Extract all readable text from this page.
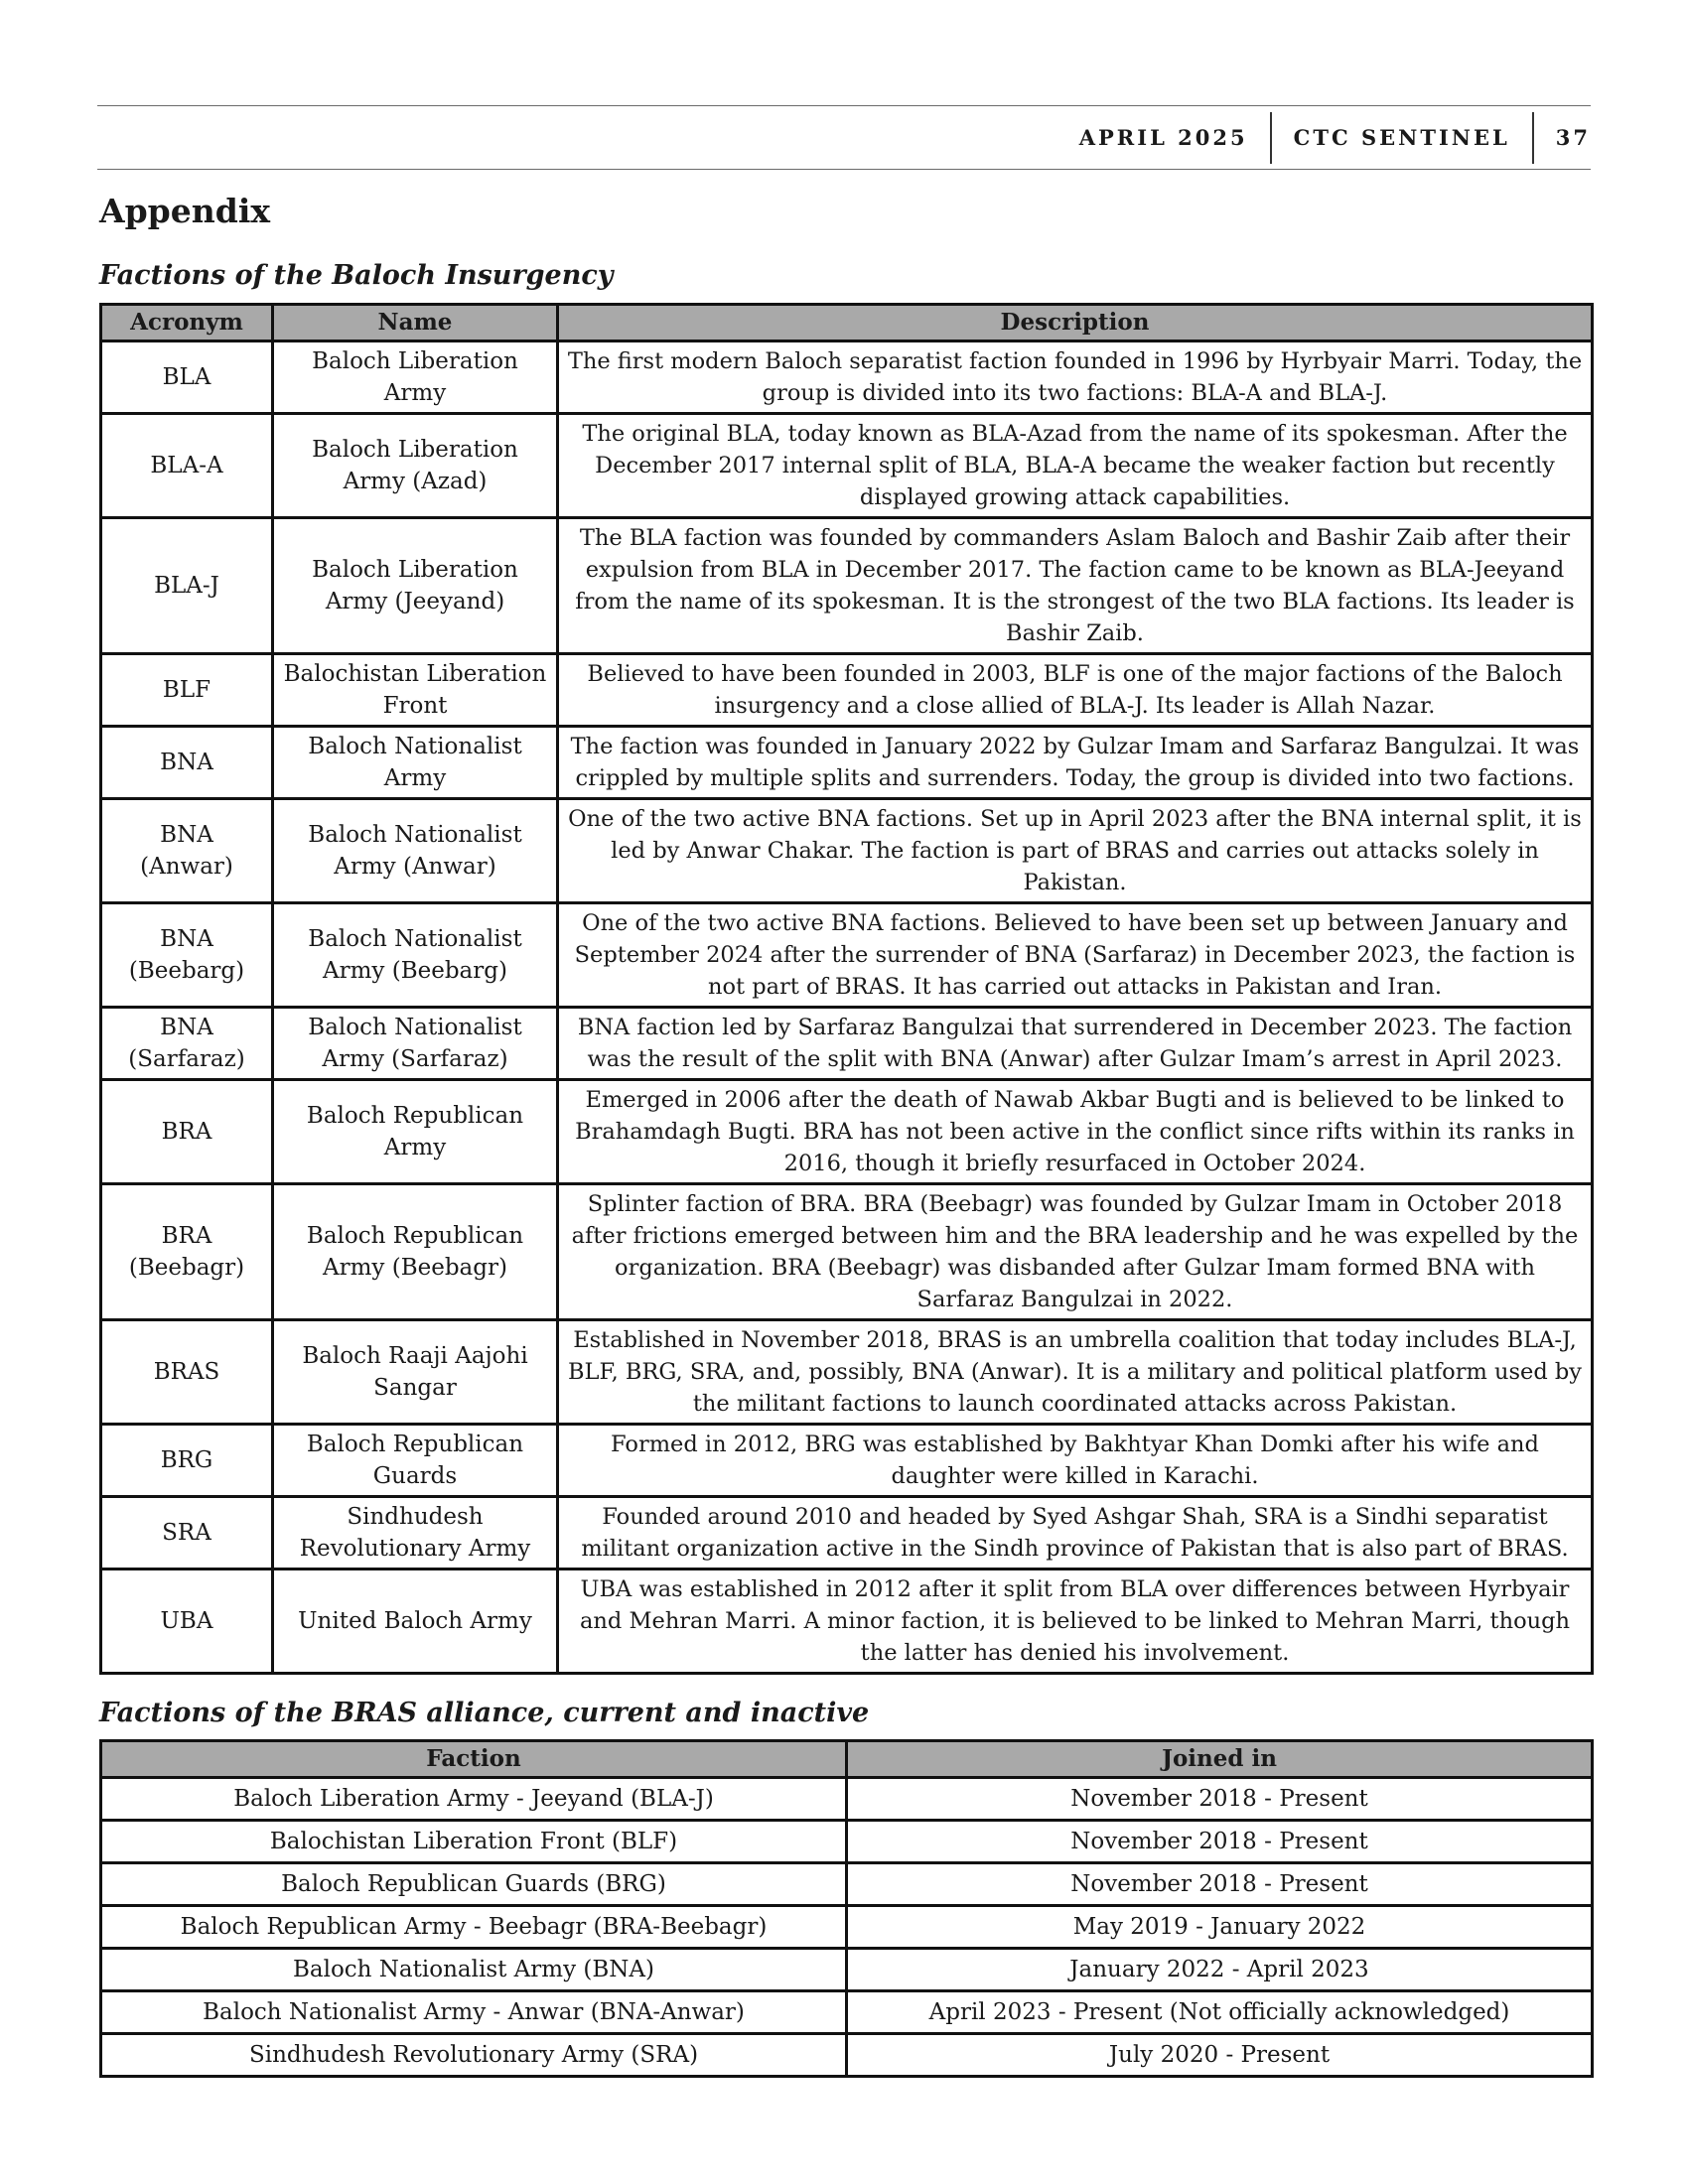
APRIL 2025 CTC SENTINEL 37
Appendix
Factions of the Baloch Insurgency
Acronym	Name	Description
BLA	Baloch Liberation Army	The first modern Baloch separatist faction founded in 1996 by Hyrbyair Marri. Today, the group is divided into its two factions: BLA-A and BLA-J.
BLA-A	Baloch Liberation Army (Azad)	The original BLA, today known as BLA-Azad from the name of its spokesman. After the December 2017 internal split of BLA, BLA-A became the weaker faction but recently displayed growing attack capabilities.
BLA-J	Baloch Liberation Army (Jeeyand)	The BLA faction was founded by commanders Aslam Baloch and Bashir Zaib after their expulsion from BLA in December 2017. The faction came to be known as BLA-Jeeyand from the name of its spokesman. It is the strongest of the two BLA factions. Its leader is Bashir Zaib.
BLF	Balochistan Liberation Front	Believed to have been founded in 2003, BLF is one of the major factions of the Baloch insurgency and a close allied of BLA-J. Its leader is Allah Nazar.
BNA	Baloch Nationalist Army	The faction was founded in January 2022 by Gulzar Imam and Sarfaraz Bangulzai. It was crippled by multiple splits and surrenders. Today, the group is divided into two factions.
BNA (Anwar)	Baloch Nationalist Army (Anwar)	One of the two active BNA factions. Set up in April 2023 after the BNA internal split, it is led by Anwar Chakar. The faction is part of BRAS and carries out attacks solely in Pakistan.
BNA (Beebarg)	Baloch Nationalist Army (Beebarg)	One of the two active BNA factions. Believed to have been set up between January and September 2024 after the surrender of BNA (Sarfaraz) in December 2023, the faction is not part of BRAS. It has carried out attacks in Pakistan and Iran.
BNA (Sarfaraz)	Baloch Nationalist Army (Sarfaraz)	BNA faction led by Sarfaraz Bangulzai that surrendered in December 2023. The faction was the result of the split with BNA (Anwar) after Gulzar Imam’s arrest in April 2023.
BRA	Baloch Republican Army	Emerged in 2006 after the death of Nawab Akbar Bugti and is believed to be linked to Brahamdagh Bugti. BRA has not been active in the conflict since rifts within its ranks in 2016, though it briefly resurfaced in October 2024.
BRA (Beebagr)	Baloch Republican Army (Beebagr)	Splinter faction of BRA. BRA (Beebagr) was founded by Gulzar Imam in October 2018 after frictions emerged between him and the BRA leadership and he was expelled by the organization. BRA (Beebagr) was disbanded after Gulzar Imam formed BNA with Sarfaraz Bangulzai in 2022.
BRAS	Baloch Raaji Aajohi Sangar	Established in November 2018, BRAS is an umbrella coalition that today includes BLA-J, BLF, BRG, SRA, and, possibly, BNA (Anwar). It is a military and political platform used by the militant factions to launch coordinated attacks across Pakistan.
BRG	Baloch Republican Guards	Formed in 2012, BRG was established by Bakhtyar Khan Domki after his wife and daughter were killed in Karachi.
SRA	Sindhudesh Revolutionary Army	Founded around 2010 and headed by Syed Ashgar Shah, SRA is a Sindhi separatist militant organization active in the Sindh province of Pakistan that is also part of BRAS.
UBA	United Baloch Army	UBA was established in 2012 after it split from BLA over differences between Hyrbyair and Mehran Marri. A minor faction, it is believed to be linked to Mehran Marri, though the latter has denied his involvement.
Factions of the BRAS alliance, current and inactive
Faction	Joined in
Baloch Liberation Army - Jeeyand (BLA-J)	November 2018 - Present
Balochistan Liberation Front (BLF)	November 2018 - Present
Baloch Republican Guards (BRG)	November 2018 - Present
Baloch Republican Army - Beebagr (BRA-Beebagr)	May 2019 - January 2022
Baloch Nationalist Army (BNA)	January 2022 - April 2023
Baloch Nationalist Army - Anwar (BNA-Anwar)	April 2023 - Present (Not officially acknowledged)
Sindhudesh Revolutionary Army (SRA)	July 2020 - Present
